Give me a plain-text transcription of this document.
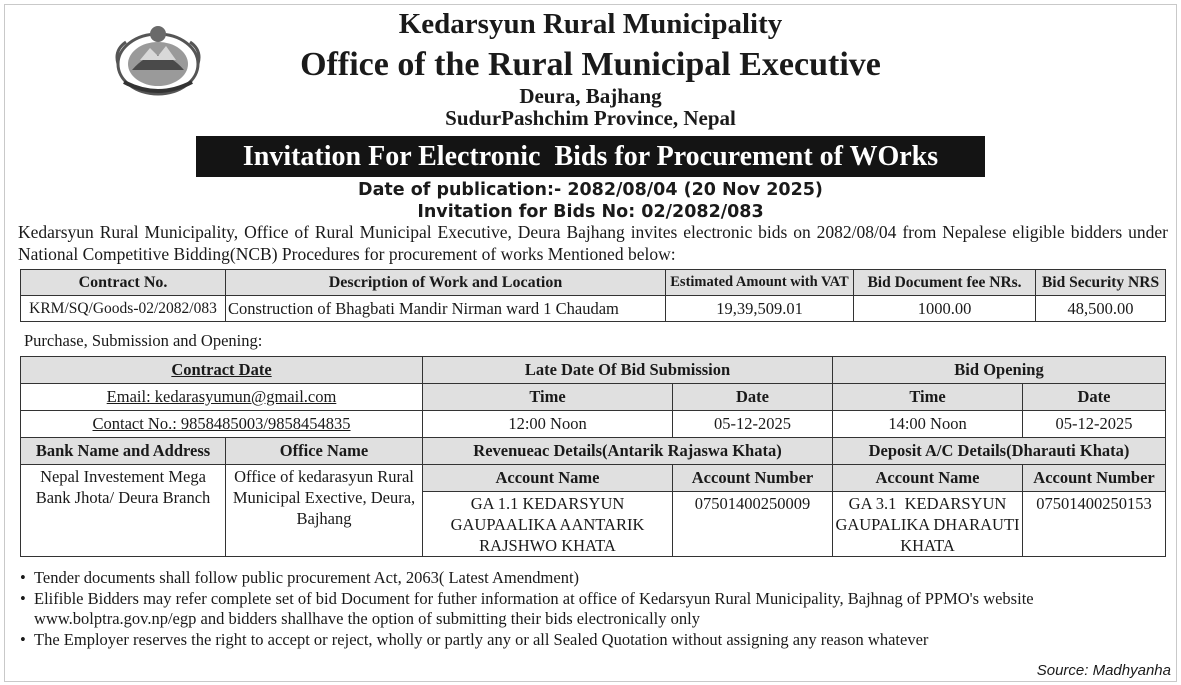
Kedarsyun Rural Municipality
Office of the Rural Municipal Executive
Deura, Bajhang
SudurPashchim Province, Nepal
Invitation For Electronic  Bids for Procurement of WOrks
Date of publication:- 2082/08/04 (20 Nov 2025)
Invitation for Bids No: 02/2082/083
Kedarsyun Rural Municipality, Office of Rural Municipal Executive, Deura Bajhang invites electronic bids on 2082/08/04 from Nepalese eligible bidders under National Competitive Bidding(NCB) Procedures for procurement of works Mentioned below:
Contract No.	Description of Work and Location	Estimated Amount with VAT	Bid Document fee NRs.	Bid Security NRS
KRM/SQ/Goods-02/2082/083	Construction of Bhagbati Mandir Nirman ward 1 Chaudam	19,39,509.01	1000.00	48,500.00
Purchase, Submission and Opening:
Contract Date		Late Date Of Bid Submission		Bid Opening	
Email: kedarasyumun@gmail.com		Time	Date	Time	Date
Contact No.: 9858485003/9858454835		12:00 Noon	05-12-2025	14:00 Noon	05-12-2025
Bank Name and Address	Office Name	Revenueac Details(Antarik Rajaswa Khata)		Deposit A/C Details(Dharauti Khata)	
Nepal Investement Mega Bank Jhota/ Deura Branch	Office of kedarasyun Rural Municipal Exective, Deura, Bajhang	Account Name	Account Number	Account Name	Account Number
		GA 1.1 KEDARSYUN GAUPAALIKA AANTARIK RAJSHWO KHATA	07501400250009	GA 3.1  KEDARSYUN GAUPALIKA DHARAUTI KHATA	07501400250153
• Tender documents shall follow public procurement Act, 2063( Latest Amendment)
• Elifible Bidders may refer complete set of bid Document for futher information at office of Kedarsyun Rural Municipality, Bajhnag of PPMO's website www.bolptra.gov.np/egp and bidders shallhave the option of submitting their bids electronically only
• The Employer reserves the right to accept or reject, wholly or partly any or all Sealed Quotation without assigning any reason whatever
Source: Madhyanha
